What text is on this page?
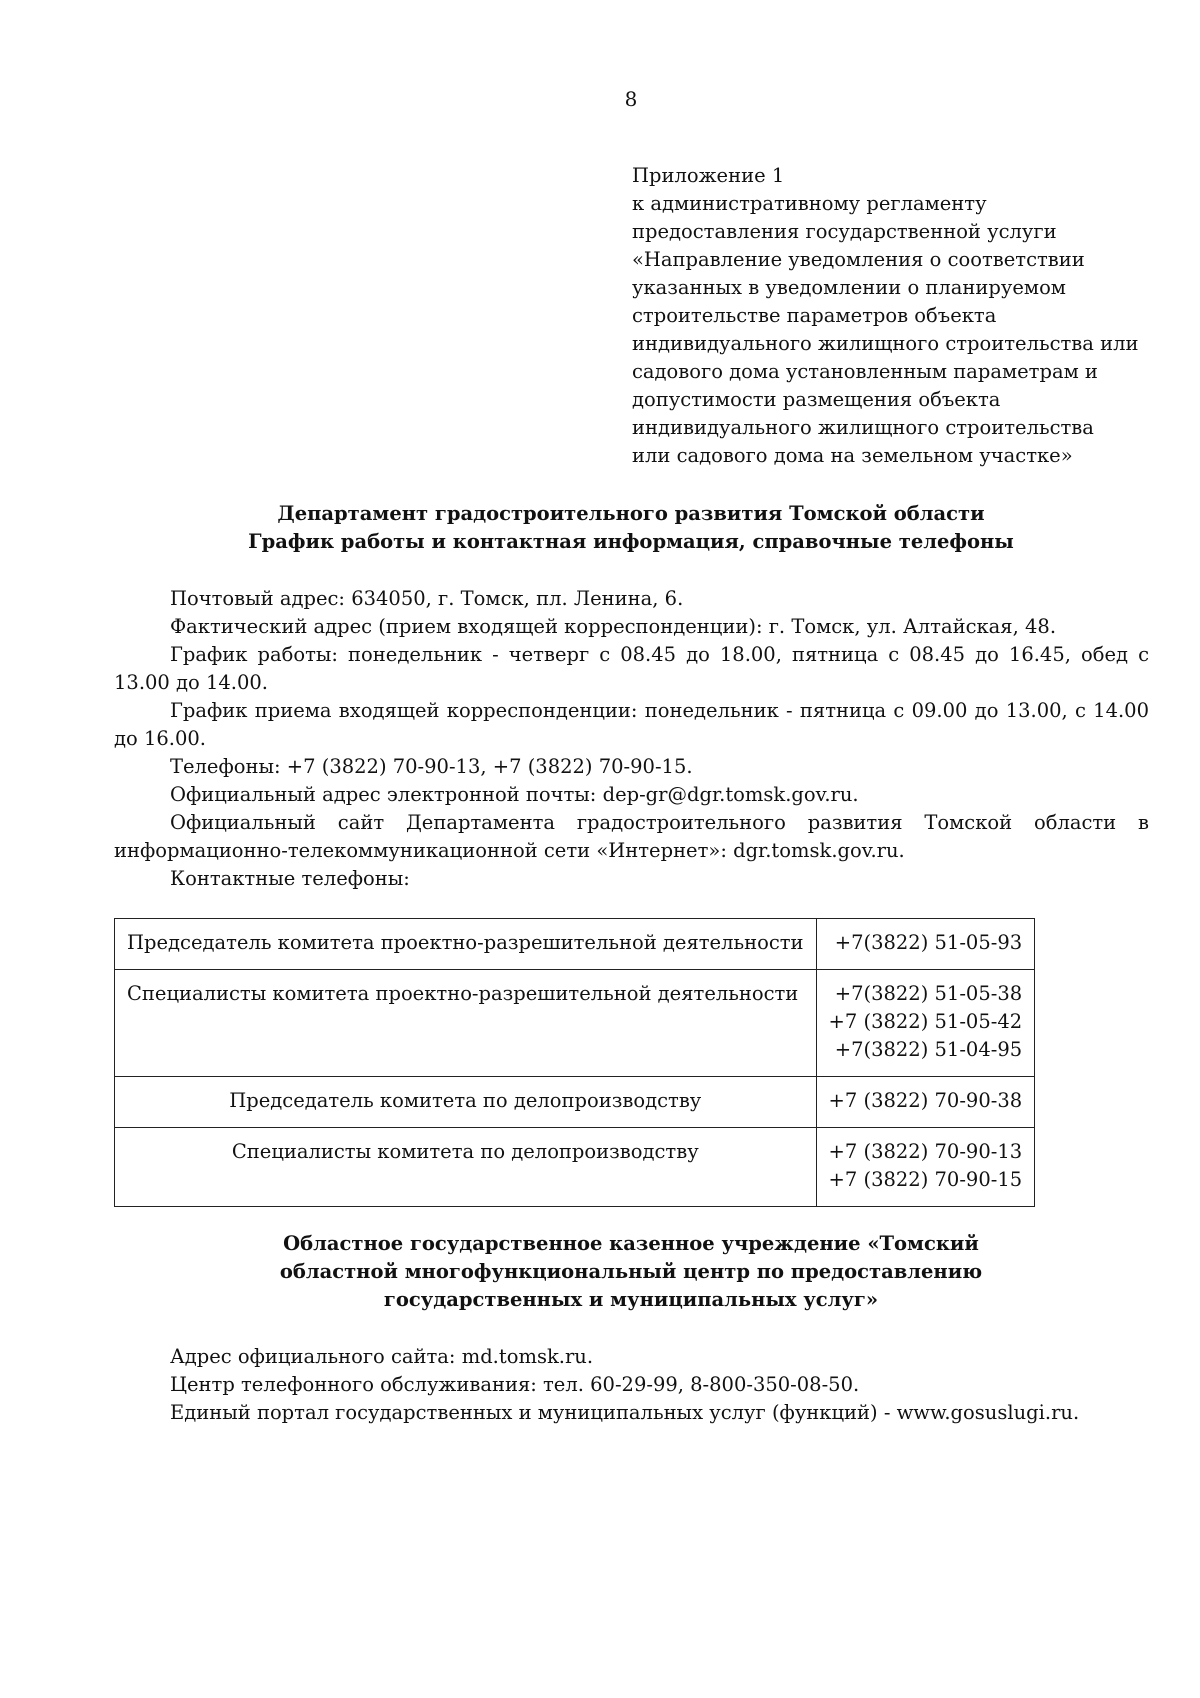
8
Приложение 1
к административному регламенту
предоставления государственной услуги
«Направление уведомления о соответствии
указанных в уведомлении о планируемом
строительстве параметров объекта
индивидуального жилищного строительства или
садового дома установленным параметрам и
допустимости размещения объекта
индивидуального жилищного строительства
или садового дома на земельном участке»
Департамент градостроительного развития Томской области
График работы и контактная информация, справочные телефоны

Почтовый адрес: 634050, г. Томск, пл. Ленина, 6.

Фактический адрес (прием входящей корреспонденции): г. Томск, ул. Алтайская, 48.

График работы: понедельник - четверг с 08.45 до 18.00, пятница с 08.45 до 16.45, обед с 13.00 до 14.00.

График приема входящей корреспонденции: понедельник - пятница с 09.00 до 13.00, с 14.00 до 16.00.

Телефоны: +7 (3822) 70-90-13, +7 (3822) 70-90-15.

Официальный адрес электронной почты: dep-gr@dgr.tomsk.gov.ru.

Официальный сайт Департамента градостроительного развития Томской области в информационно-телекоммуникационной сети «Интернет»: dgr.tomsk.gov.ru.

Контактные телефоны:

Председатель комитета проектно-разрешительной деятельности	+7(3822) 51-05-93

Специалисты комитета проектно-разрешительной деятельности	+7(3822) 51-05-38
+7 (3822) 51-05-42
+7(3822) 51-04-95

Председатель комитета по делопроизводству	+7 (3822) 70-90-38

Специалисты комитета по делопроизводству	+7 (3822) 70-90-13
+7 (3822) 70-90-15
Областное государственное казенное учреждение «Томский
областной многофункциональный центр по предоставлению
государственных и муниципальных услуг»

Адрес официального сайта: md.tomsk.ru.

Центр телефонного обслуживания: тел. 60-29-99, 8-800-350-08-50.

Единый портал государственных и муниципальных услуг (функций) - www.gosuslugi.ru.
